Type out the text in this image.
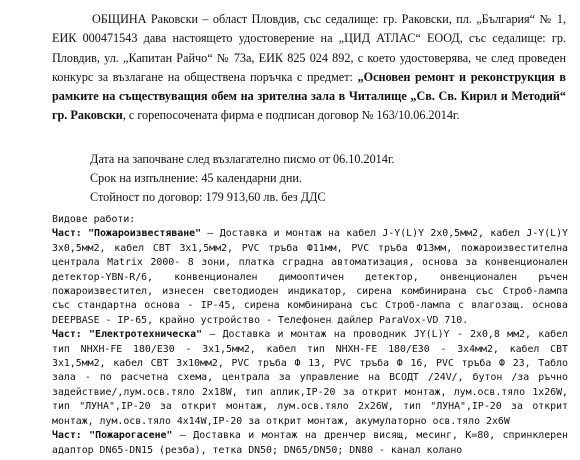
ОБЩИНА Раковски – област Пловдив, със седалище: гр. Раковски, пл. „България“ № 1, ЕИК 000471543 дава настоящето удостоверение на „ЦИД АТЛАС“ ЕООД, със седалище: гр. Пловдив, ул. „Капитан Райчо“ № 73а, ЕИК 825 024 892, с което удостоверява, че след проведен конкурс за възлагане на обществена поръчка с предмет: „Основен ремонт и реконструкция в рамките на съществуващия обем на зрителна зала в Читалище „Св. Св. Кирил и Методий“ гр. Раковски, с горепосочената фирма е подписан договор № 163/10.06.2014г.

Дата на започване след възлагателно писмо от 06.10.2014г.
Срок на изпълнение: 45 календарни дни.
Стойност по договор: 179 913,60 лв. без ДДС

Видове работи:

Част: "Пожароизвестяване" – Доставка и монтаж на кабел J-Y(L)Y 2х0,5мм2, кабел J-Y(L)Y 3х0,5мм2, кабел СВТ 3х1,5мм2, PVC тръба Ф11мм, PVC тръба Ф13мм, пожароизвестителна централа Matrix 2000- 8 зони, платка сградна автоматизация, основа за конвенционален детектор-YBN-R/6, конвенционален димооптичен детектор, онвенционален ръчен пожароизвестител, изнесен светодиоден индикатор, сирена комбинирана със Строб-лампа със стандартна основа - IP-45, сирена комбинирана със Строб-лампа с влагозащ. основа DEEPBASE - IP-65, крайно устройство - Телефонен дайлер ParaVox-VD 710.

Част: "Електротехническа" – Доставка и монтаж на проводник JY(L)Y - 2х0,8 мм2, кабел тип NHXH-FE 180/Е30 - 3х1,5мм2, кабел тип NHXH-FE 180/Е30 - 3х4мм2, кабел СВТ 3х1,5мм2, кабел СВТ 3х10мм2, PVC тръба Ф 13, PVC тръба Ф 16, PVC тръба Ф 23, Табло зала - по расчетна схема, централа за управление на ВСОДТ /24V/, бутон /за ръчно задействие/,лум.осв.тяло 2х18W, тип аплик,IP-20 за открит монтаж, лум.осв.тяло 1х26W, тип "ЛУНА",IP-20 за открит монтаж, лум.осв.тяло 2х26W, тип "ЛУНА",IP-20 за открит монтаж, лум.осв.тяло 4х14W,IP-20 за открит монтаж, акумулаторно осв.тяло 2х6W

Част: "Пожарогасене" – Доставка и монтаж на дренчер висящ, месинг, К=80, спринклерен адаптор DN65-DN15 (резба), тетка DN50; DN65/DN50; DN80 - канал колано
